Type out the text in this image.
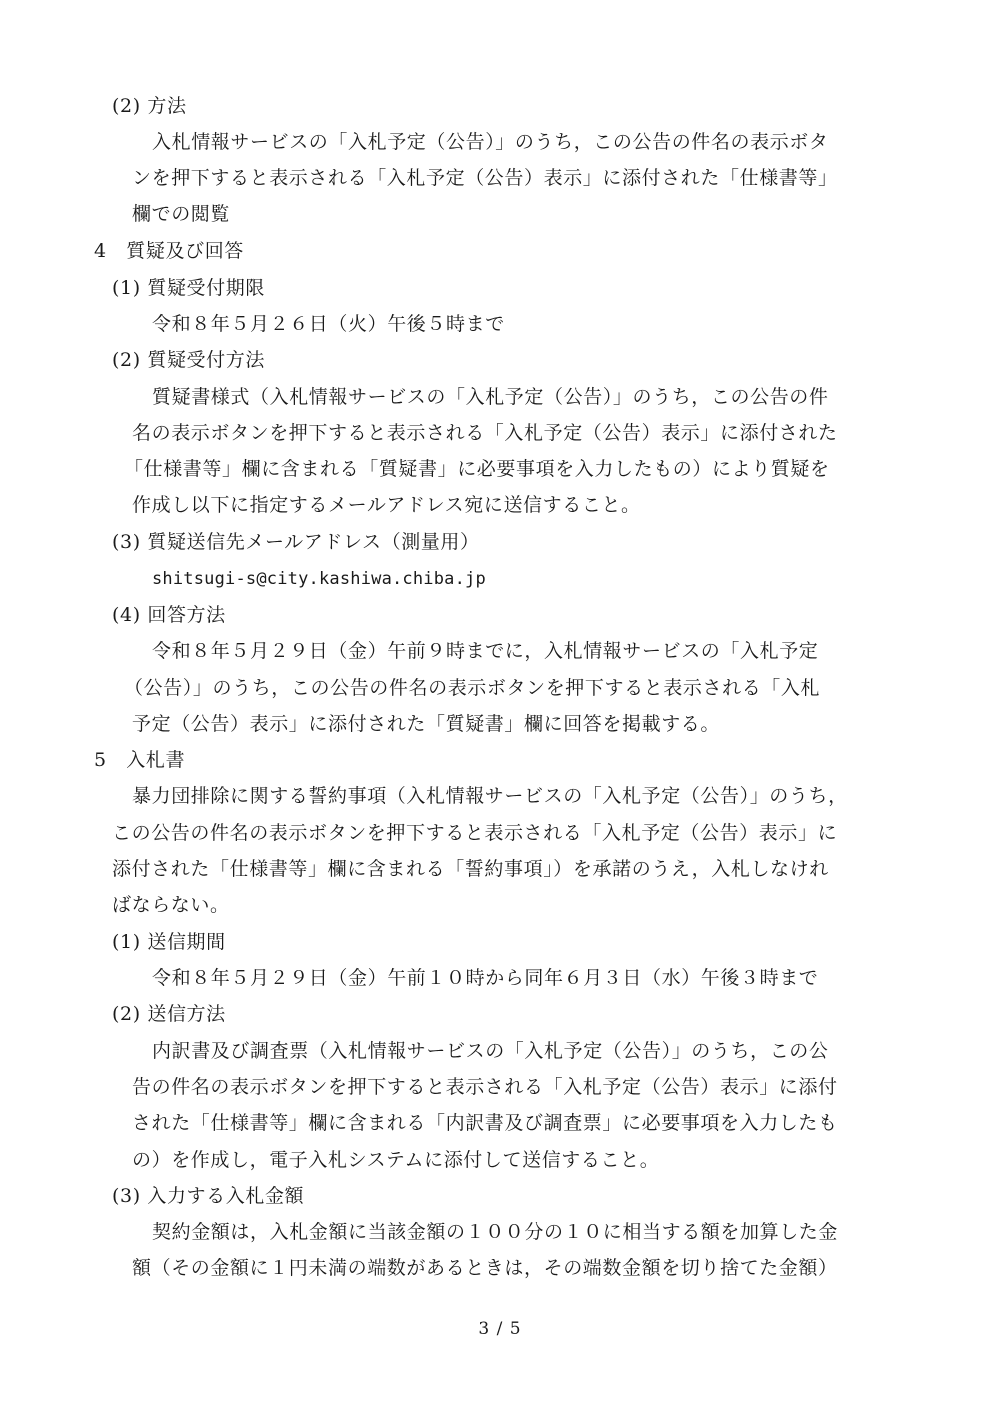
(2) 方法
入札情報サービスの「入札予定（公告）」のうち，この公告の件名の表示ボタ
ンを押下すると表示される「入札予定（公告）表示」に添付された「仕様書等」
欄での閲覧
4　質疑及び回答
(1) 質疑受付期限
令和８年５月２６日（火）午後５時まで
(2) 質疑受付方法
質疑書様式（入札情報サービスの「入札予定（公告）」のうち，この公告の件
名の表示ボタンを押下すると表示される「入札予定（公告）表示」に添付された
「仕様書等」欄に含まれる「質疑書」に必要事項を入力したもの）により質疑を
作成し以下に指定するメールアドレス宛に送信すること。
(3) 質疑送信先メールアドレス（測量用）
shitsugi-s@city.kashiwa.chiba.jp
(4) 回答方法
令和８年５月２９日（金）午前９時までに，入札情報サービスの「入札予定
（公告）」のうち，この公告の件名の表示ボタンを押下すると表示される「入札
予定（公告）表示」に添付された「質疑書」欄に回答を掲載する。
5　入札書
暴力団排除に関する誓約事項（入札情報サービスの「入札予定（公告）」のうち，
この公告の件名の表示ボタンを押下すると表示される「入札予定（公告）表示」に
添付された「仕様書等」欄に含まれる「誓約事項」）を承諾のうえ，入札しなけれ
ばならない。
(1) 送信期間
令和８年５月２９日（金）午前１０時から同年６月３日（水）午後３時まで
(2) 送信方法
内訳書及び調査票（入札情報サービスの「入札予定（公告）」のうち，この公
告の件名の表示ボタンを押下すると表示される「入札予定（公告）表示」に添付
された「仕様書等」欄に含まれる「内訳書及び調査票」に必要事項を入力したも
の）を作成し，電子入札システムに添付して送信すること。
(3) 入力する入札金額
契約金額は，入札金額に当該金額の１００分の１０に相当する額を加算した金
額（その金額に１円未満の端数があるときは，その端数金額を切り捨てた金額）
3 / 5
